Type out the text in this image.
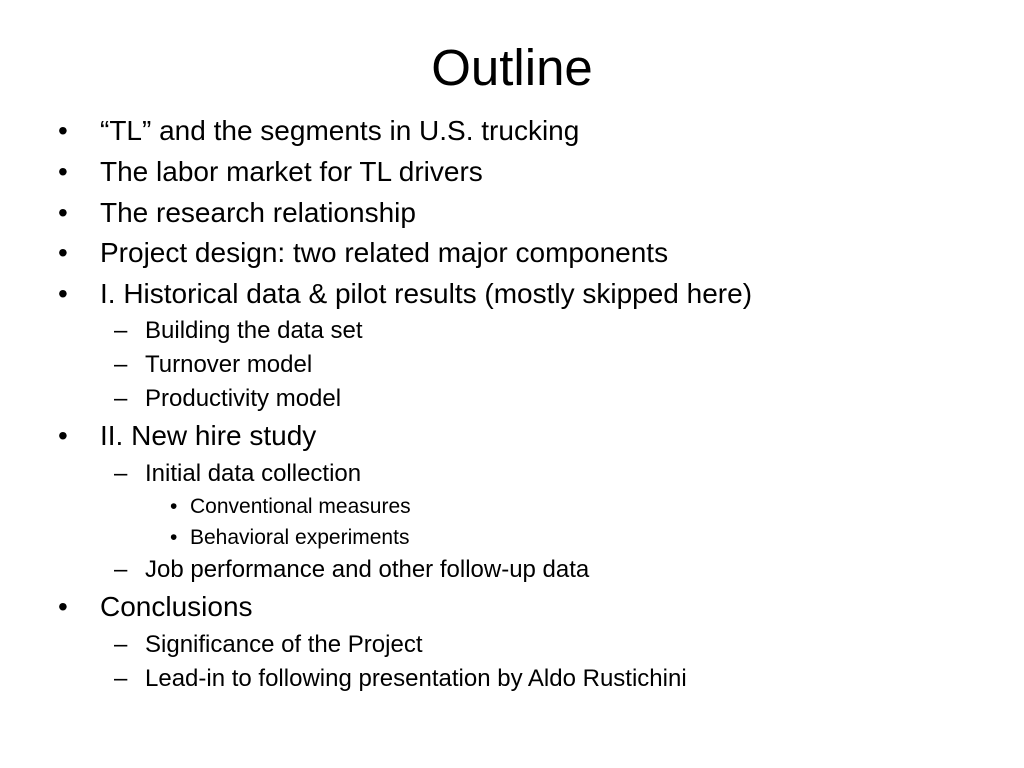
Outline
• “TL” and the segments in U.S. trucking
• The labor market for TL drivers
• The research relationship
• Project design: two related major components
• I. Historical data & pilot results (mostly skipped here)
– Building the data set
– Turnover model
– Productivity model
• II. New hire study
– Initial data collection
• Conventional measures
• Behavioral experiments
– Job performance and other follow-up data
• Conclusions
– Significance of the Project
– Lead-in to following presentation by Aldo Rustichini
